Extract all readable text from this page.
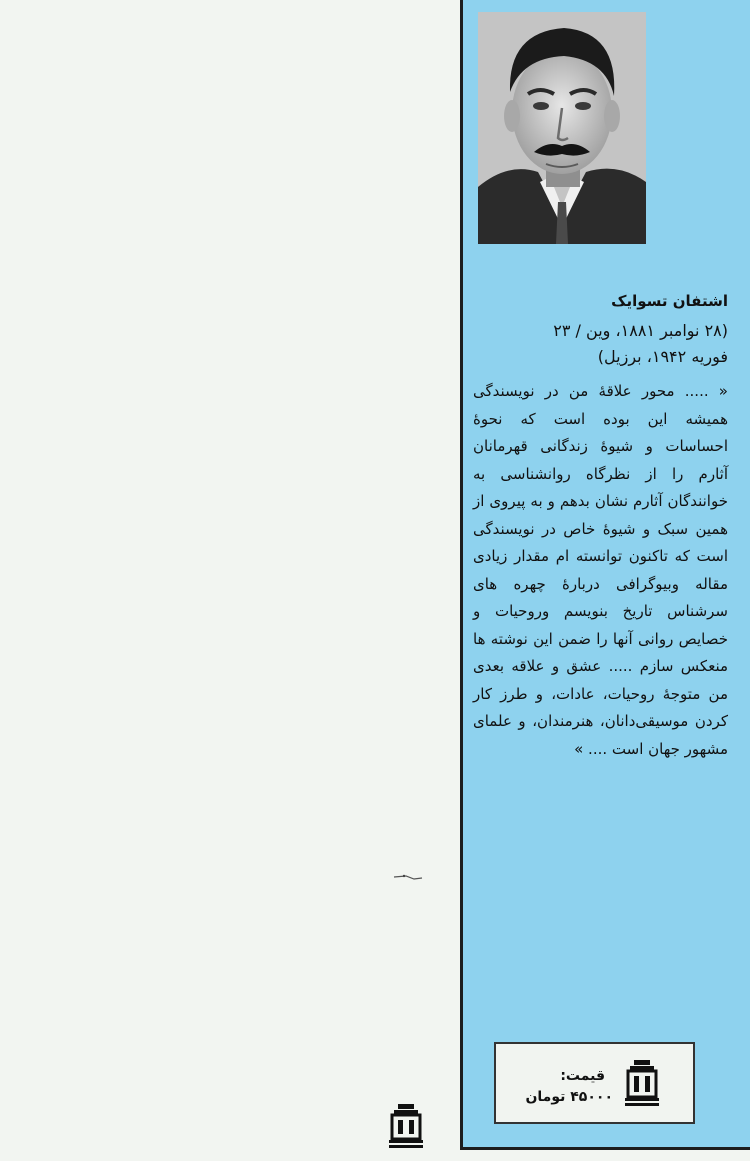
اشتفان تسوایک
(۲۸ نوامبر ۱۸۸۱، وین / ۲۳
فوریه ۱۹۴۲، برزیل)
« ..... محور علاقهٔ من در نویسندگی همیشه این بوده است که نحوهٔ احساسات و شیوهٔ زندگانی قهرمانان آثارم را از نظرگاه روانشناسی به خوانندگان آثارم نشان بدهم و به پیروی از همین سبک و شیوهٔ خاص در نویسندگی است که تاکنون توانسته ام مقدار زیادی مقاله وبیوگرافی دربارهٔ چهره های سرشناس تاریخ بنویسم وروحیات و خصایص روانی آنها را ضمن این نوشته ها منعکس سازم ..... عشق و علاقه بعدی من متوجهٔ روحیات، عادات، و طرز کار کردن موسیقی‌دانان، هنرمندان، و علمای مشهور جهان است .... »
قیمت:
۴۵۰۰۰ تومان
